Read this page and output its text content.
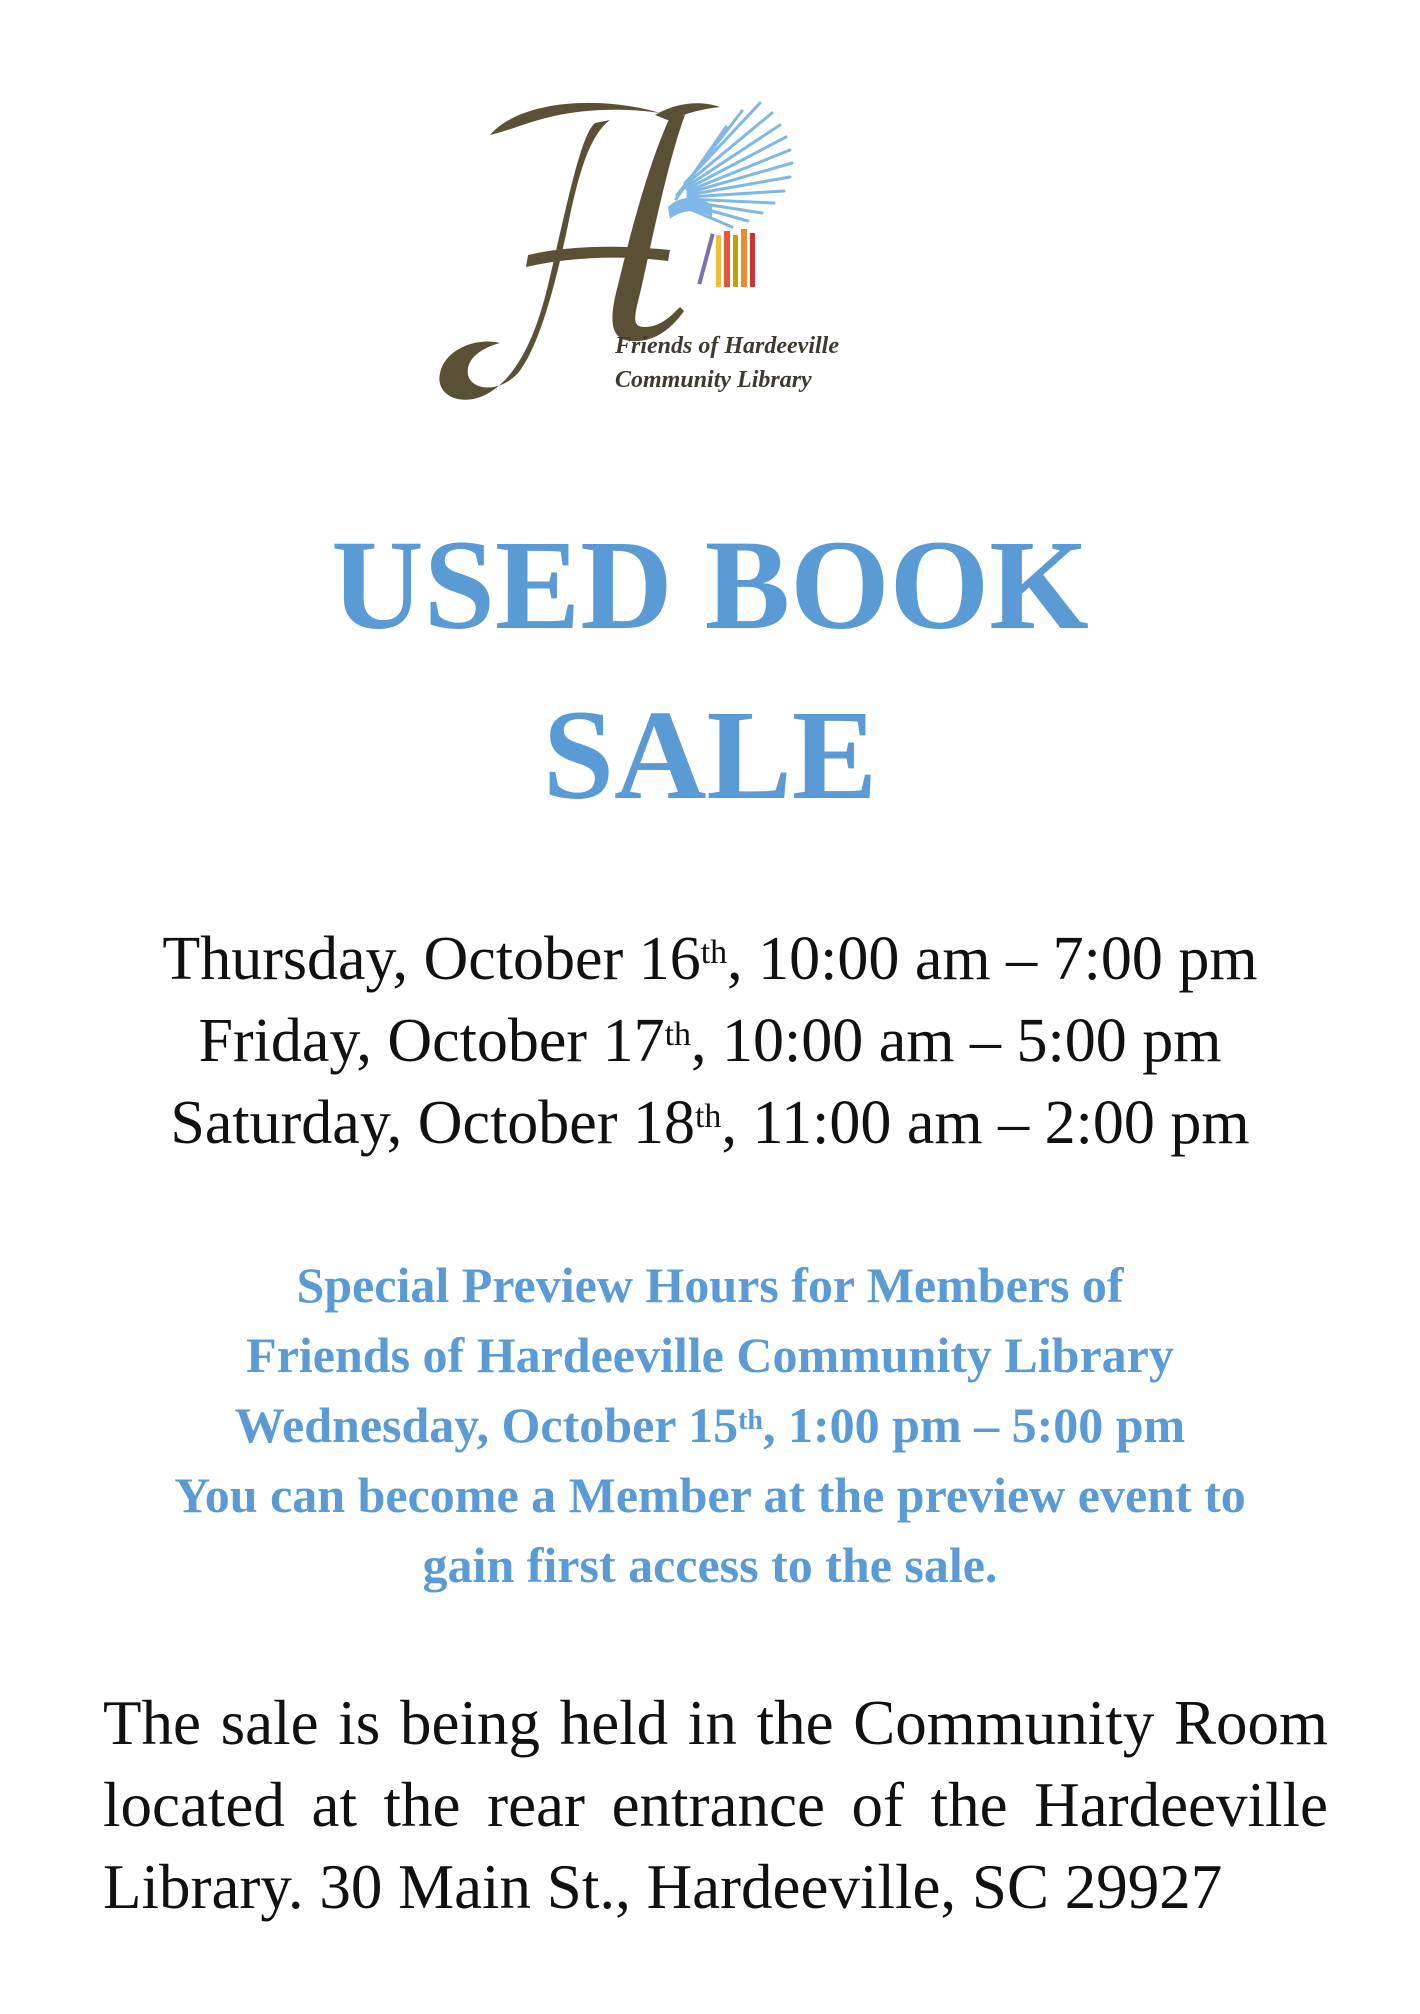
Friends of Hardeeville
Community Library
USED BOOK
SALE
Thursday, October 16th, 10:00 am – 7:00 pm
Friday, October 17th, 10:00 am – 5:00 pm
Saturday, October 18th, 11:00 am – 2:00 pm
Special Preview Hours for Members of
Friends of Hardeeville Community Library
Wednesday, October 15th, 1:00 pm – 5:00 pm
You can become a Member at the preview event to
gain first access to the sale.
The sale is being held in the Community Room
located at the rear entrance of the Hardeeville
Library. 30 Main St., Hardeeville, SC 29927
